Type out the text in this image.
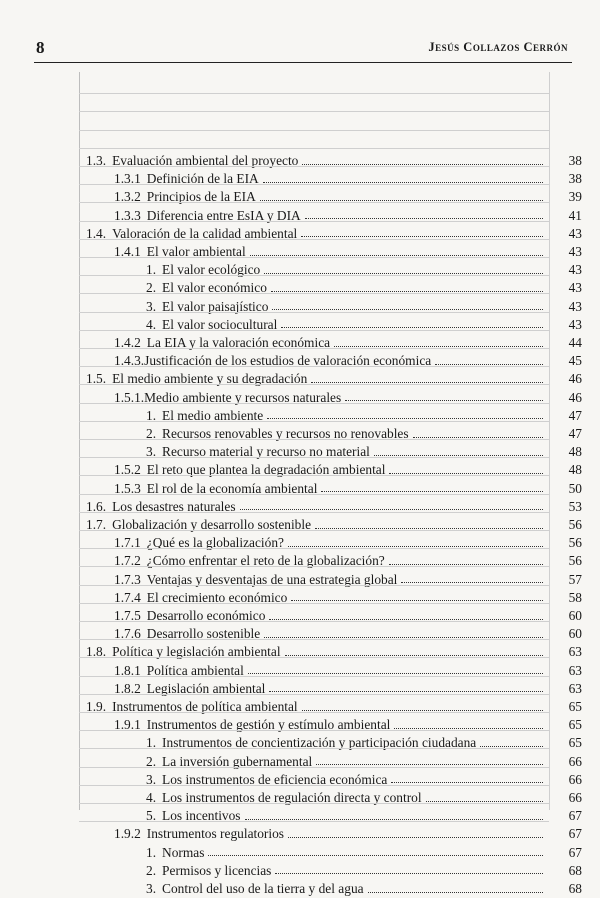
8	Jesús Collazos Cerrón
1.3. Evaluación ambiental del proyecto	38
1.3.1 Definición de la EIA	38
1.3.2 Principios de la EIA	39
1.3.3 Diferencia entre EsIA y DIA	41
1.4. Valoración de la calidad ambiental	43
1.4.1 El valor ambiental	43
1. El valor ecológico	43
2. El valor económico	43
3. El valor paisajístico	43
4. El valor sociocultural	43
1.4.2 La EIA y la valoración económica	44
1.4.3. Justificación de los estudios de valoración económica	45
1.5. El medio ambiente y su degradación	46
1.5.1. Medio ambiente y recursos naturales	46
1. El medio ambiente	47
2. Recursos renovables y recursos no renovables	47
3. Recurso material y recurso no material	48
1.5.2 El reto que plantea la degradación ambiental	48
1.5.3 El rol de la economía ambiental	50
1.6. Los desastres naturales	53
1.7. Globalización y desarrollo sostenible	56
1.7.1 ¿Qué es la globalización?	56
1.7.2 ¿Cómo enfrentar el reto de la globalización?	56
1.7.3 Ventajas y desventajas de una estrategia global	57
1.7.4 El crecimiento económico	58
1.7.5 Desarrollo económico	60
1.7.6 Desarrollo sostenible	60
1.8. Política y legislación ambiental	63
1.8.1 Política ambiental	63
1.8.2 Legislación ambiental	63
1.9. Instrumentos de política ambiental	65
1.9.1 Instrumentos de gestión y estímulo ambiental	65
1. Instrumentos de concientización y participación ciudadana	65
2. La inversión gubernamental	66
3. Los instrumentos de eficiencia económica	66
4. Los instrumentos de regulación directa y control	66
5. Los incentivos	67
1.9.2 Instrumentos regulatorios	67
1. Normas	67
2. Permisos y licencias	68
3. Control del uso de la tierra y del agua	68
